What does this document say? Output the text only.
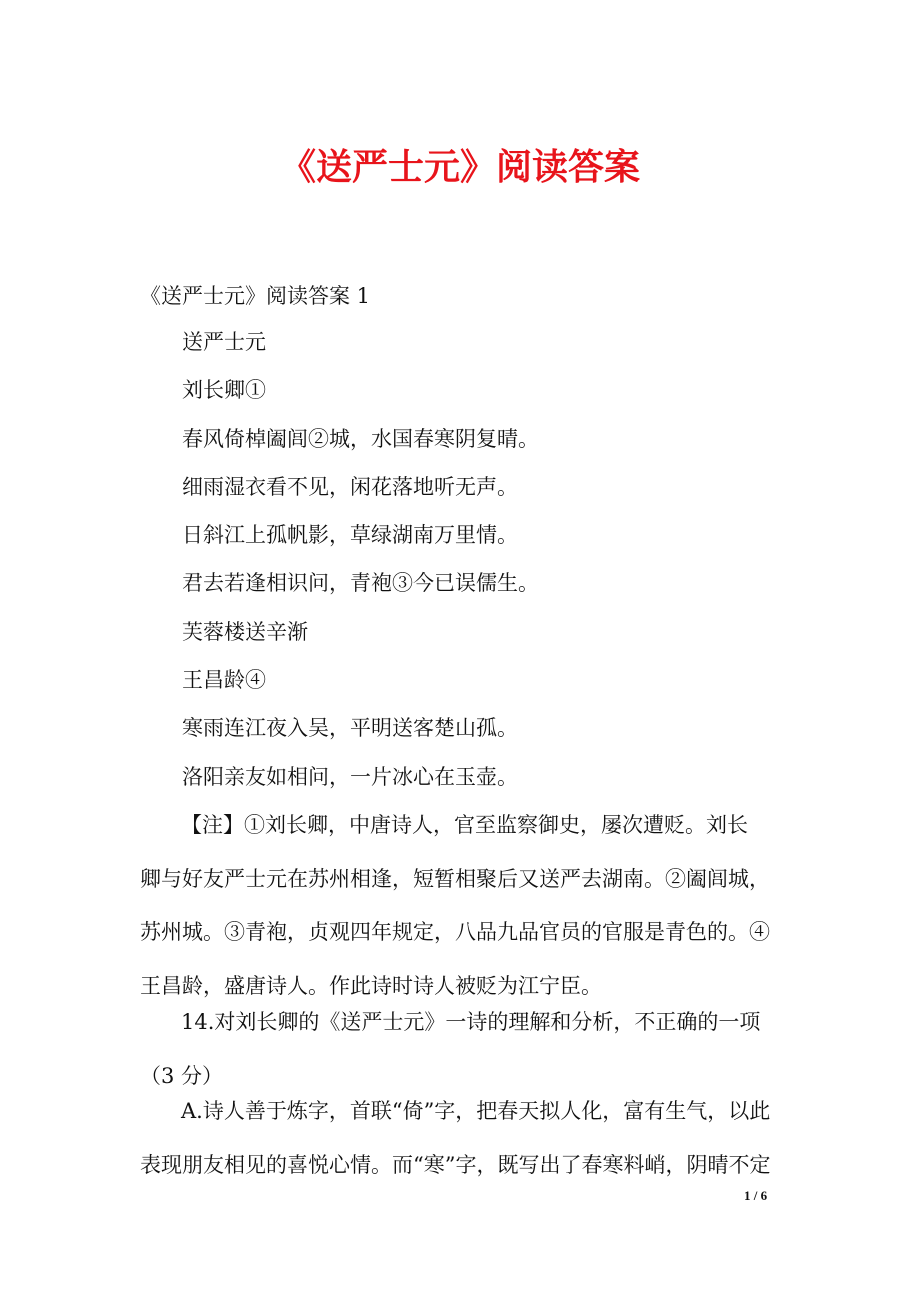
《送严士元》阅读答案

《送严士元》阅读答案 1

送严士元

刘长卿①

春风倚棹阖闾②城，水国春寒阴复晴。

细雨湿衣看不见，闲花落地听无声。

日斜江上孤帆影，草绿湖南万里情。

君去若逢相识问，青袍③今已误儒生。

芙蓉楼送辛渐

王昌龄④

寒雨连江夜入吴，平明送客楚山孤。

洛阳亲友如相问，一片冰心在玉壶。

【注】①刘长卿，中唐诗人，官至监察御史，屡次遭贬。刘长
卿与好友严士元在苏州相逢，短暂相聚后又送严去湖南。②阖闾城，
苏州城。③青袍，贞观四年规定，八品九品官员的官服是青色的。④
王昌龄，盛唐诗人。作此诗时诗人被贬为江宁臣。
14.对刘长卿的《送严士元》一诗的理解和分析，不正确的一项
（3 分）
A.诗人善于炼字，首联“倚”字，把春天拟人化，富有生气，以此
表现朋友相见的喜悦心情。而“寒”字，既写出了春寒料峭，阴晴不定

1 / 6
